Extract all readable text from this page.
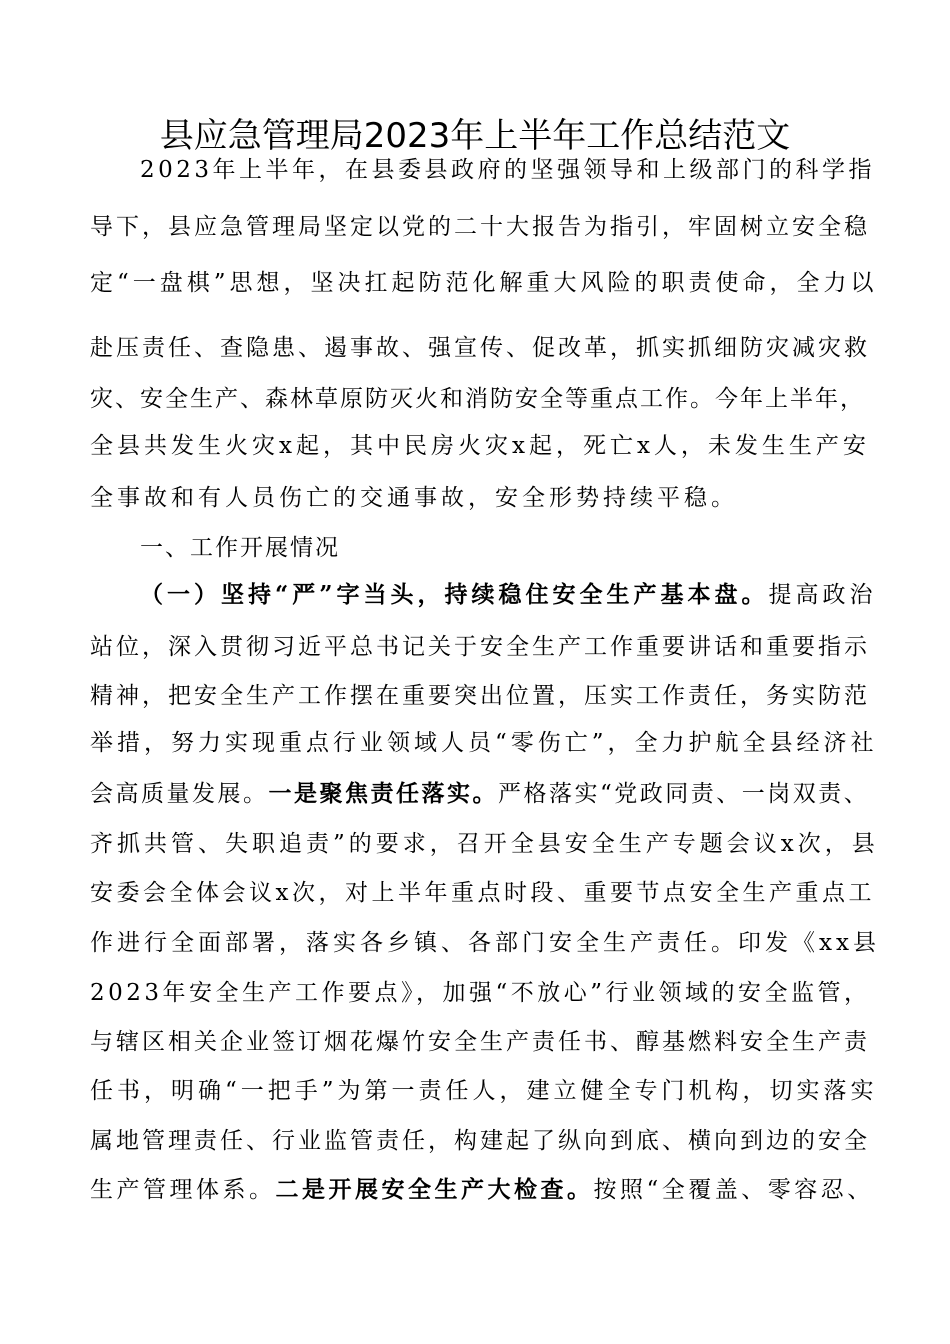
县应急管理局2023年上半年工作总结范文
2023年上半年，在县委县政府的坚强领导和上级部门的科学指
导下，县应急管理局坚定以党的二十大报告为指引，牢固树立安全稳
定“一盘棋”思想，坚决扛起防范化解重大风险的职责使命，全力以
赴压责任、查隐患、遏事故、强宣传、促改革，抓实抓细防灾减灾救
灾、安全生产、森林草原防灭火和消防安全等重点工作。今年上半年，
全县共发生火灾x起，其中民房火灾x起，死亡x人，未发生生产安
全事故和有人员伤亡的交通事故，安全形势持续平稳。
一、工作开展情况
（一）坚持“严”字当头，持续稳住安全生产基本盘。提高政治
站位，深入贯彻习近平总书记关于安全生产工作重要讲话和重要指示
精神，把安全生产工作摆在重要突出位置，压实工作责任，务实防范
举措，努力实现重点行业领域人员“零伤亡”，全力护航全县经济社
会高质量发展。一是聚焦责任落实。严格落实“党政同责、一岗双责、
齐抓共管、失职追责”的要求，召开全县安全生产专题会议x次，县
安委会全体会议x次，对上半年重点时段、重要节点安全生产重点工
作进行全面部署，落实各乡镇、各部门安全生产责任。印发《xx县
2023年安全生产工作要点》，加强“不放心”行业领域的安全监管，
与辖区相关企业签订烟花爆竹安全生产责任书、醇基燃料安全生产责
任书，明确“一把手”为第一责任人，建立健全专门机构，切实落实
属地管理责任、行业监管责任，构建起了纵向到底、横向到边的安全
生产管理体系。二是开展安全生产大检查。按照“全覆盖、零容忍、
